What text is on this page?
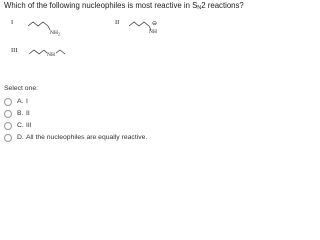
Which of the following nucleophiles is most reactive in $S_N2$ reactions?
I
$NH_2$
II
NH
⊖
III
NH
Select one:
A. I
B. II
C. III
D. All the nucleophiles are equally reactive.
